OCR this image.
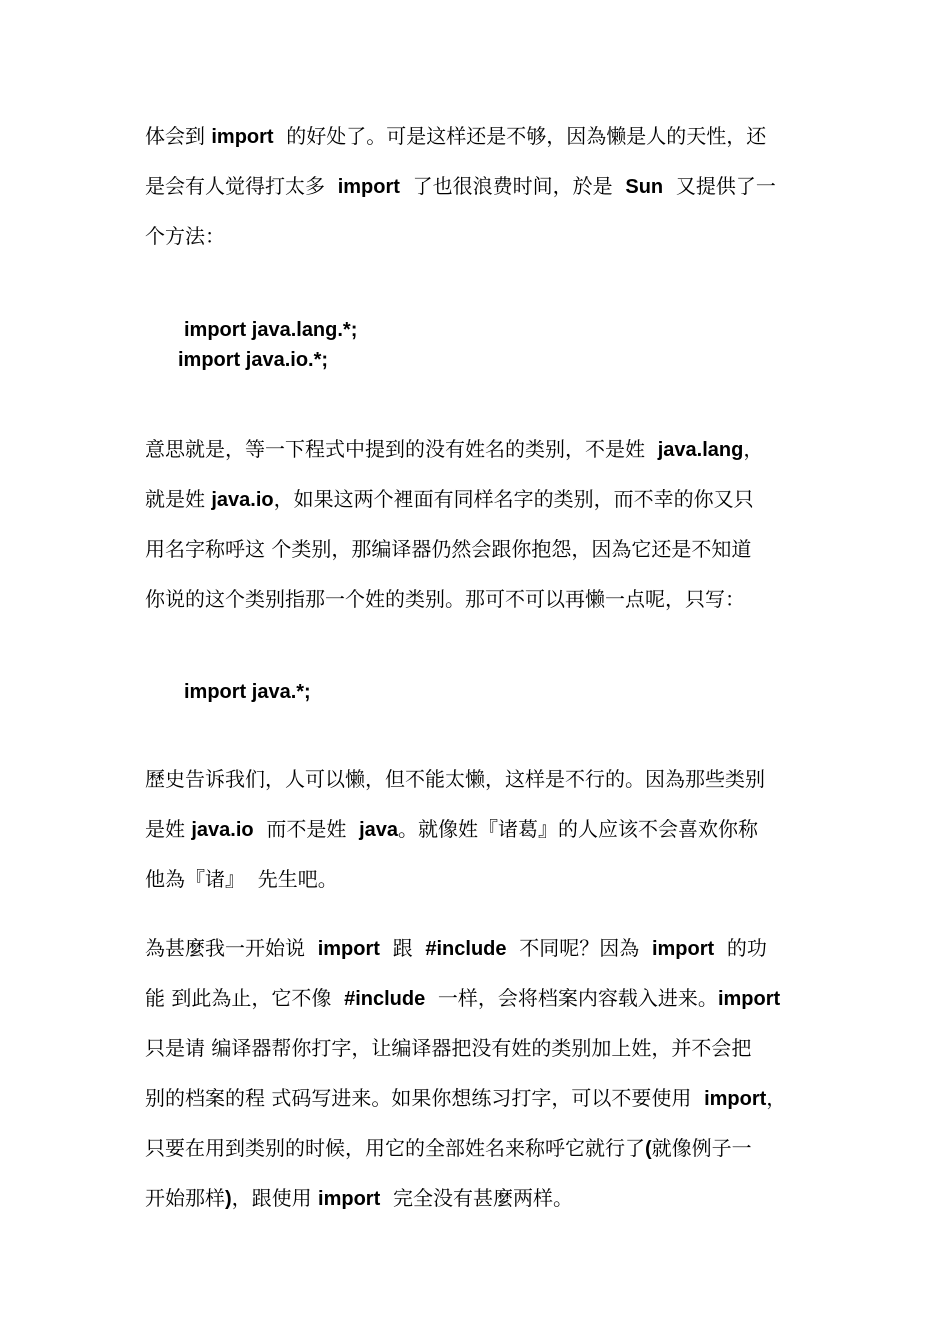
体会到 import  的好处了。可是这样还是不够，因為懒是人的天性，还
是会有人觉得打太多  import  了也很浪费时间，於是  Sun  又提供了一
个方法：
import java.lang.*;
import java.io.*;
意思就是，等一下程式中提到的没有姓名的类别，不是姓  java.lang，
就是姓 java.io，如果这两个裡面有同样名字的类别，而不幸的你又只
用名字称呼这 个类别，那编译器仍然会跟你抱怨，因為它还是不知道
你说的这个类别指那一个姓的类别。那可不可以再懒一点呢，只写：
import java.*;
歷史告诉我们，人可以懒，但不能太懒，这样是不行的。因為那些类别
是姓 java.io  而不是姓  java。就像姓『诸葛』的人应该不会喜欢你称
他為『诸』  先生吧。
為甚麼我一开始说  import  跟  #include  不同呢？因為  import  的功
能 到此為止，它不像  #include  一样，会将档案内容载入进来。import
只是请 编译器帮你打字，让编译器把没有姓的类别加上姓，并不会把
别的档案的程 式码写进来。如果你想练习打字，可以不要使用  import，
只要在用到类别的时候，用它的全部姓名来称呼它就行了(就像例子一
开始那样)，跟使用 import  完全没有甚麼两样。
